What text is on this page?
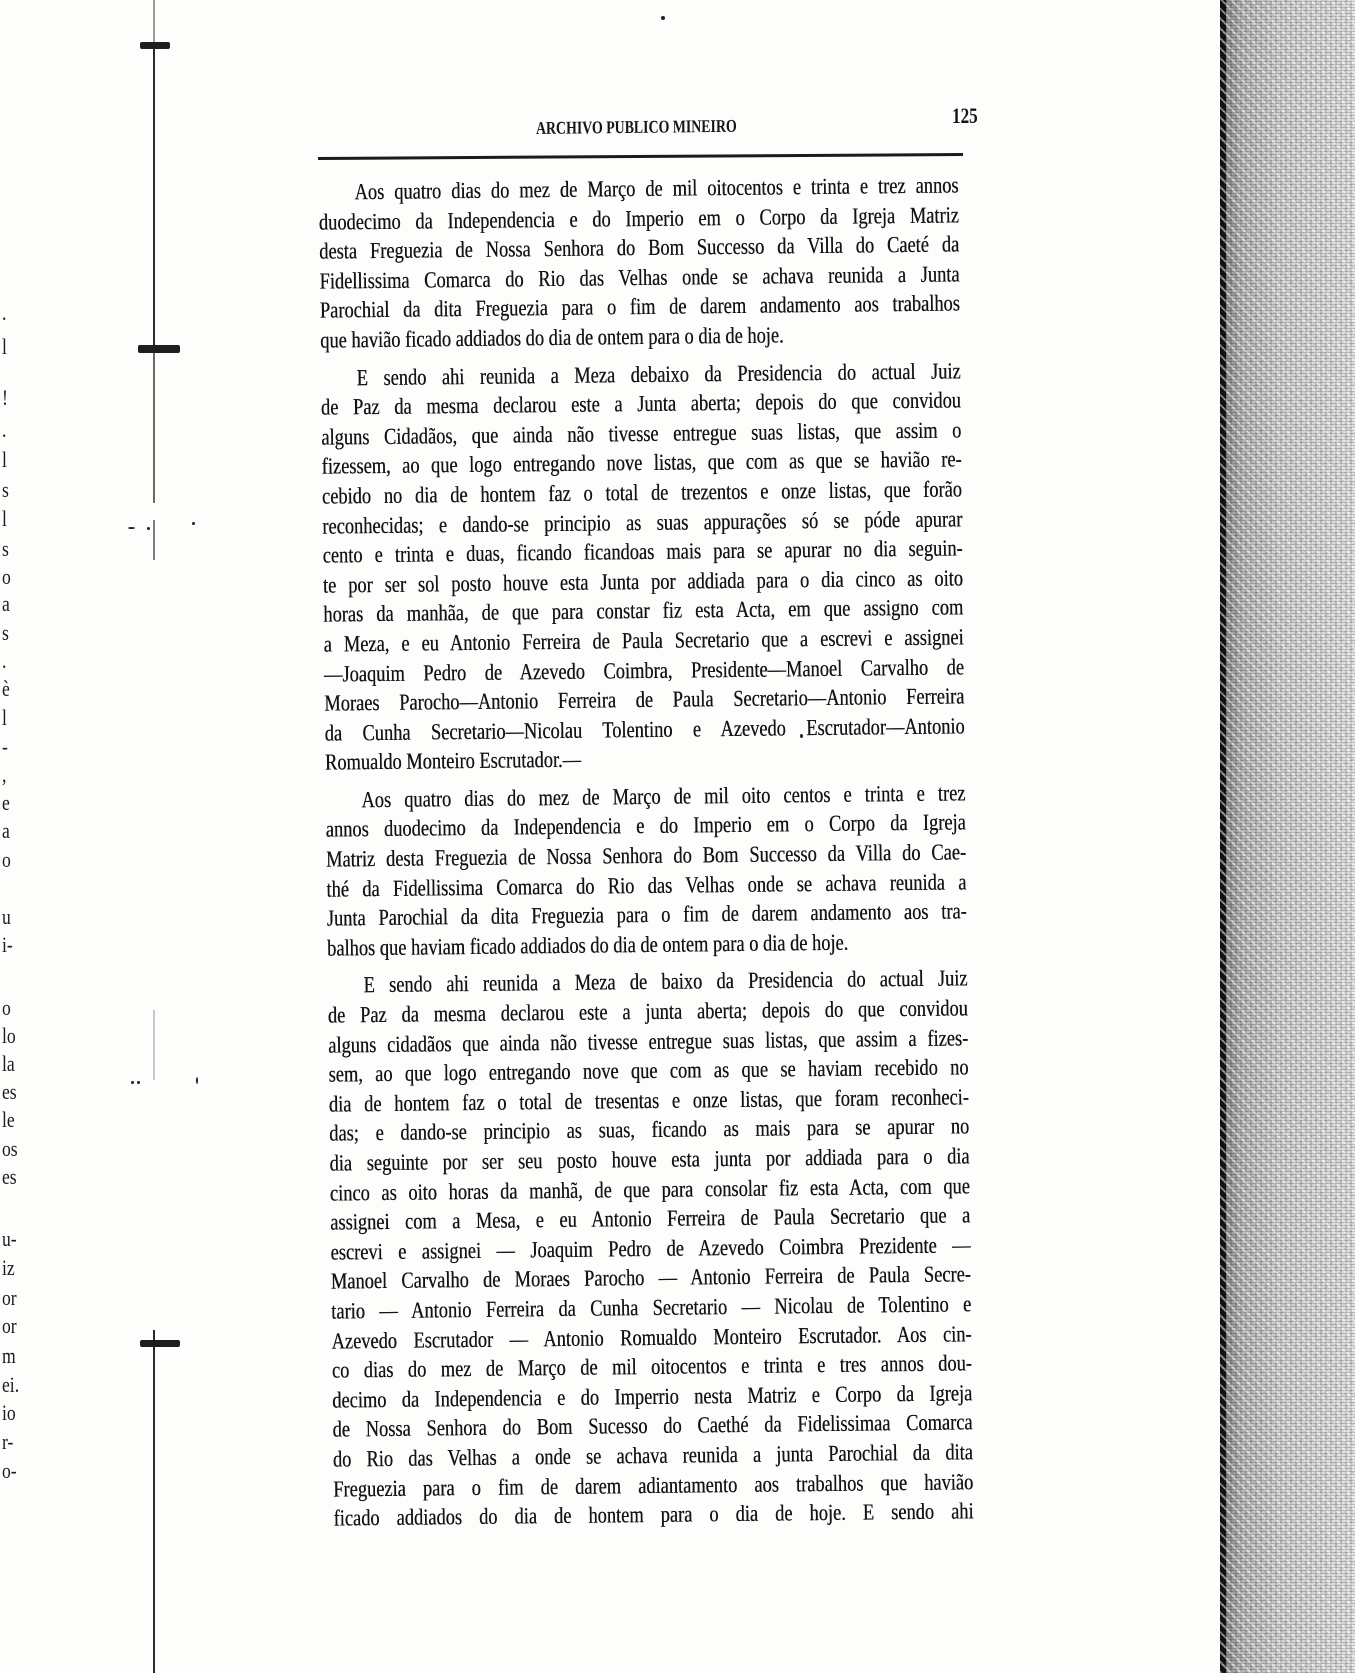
.
l
!
.
l
s
l
s
o
a
s
.
è
l
-
,
e
a
o
u
i-
o
lo
la
es
le
os
es
u-
iz
or
or
m
ei.
io
r-
o-
ARCHIVO PUBLICO MINEIRO	125
Aos quatro dias do mez de Março de mil oitocentos e trinta e trez annos
duodecimo da Independencia e do Imperio em o Corpo da Igreja Matriz
desta Freguezia de Nossa Senhora do Bom Successo da Villa do Caeté da
Fidellissima Comarca do Rio das Velhas onde se achava reunida a Junta
Parochial da dita Freguezia para o fim de darem andamento aos trabalhos
que havião ficado addiados do dia de ontem para o dia de hoje.
E sendo ahi reunida a Meza debaixo da Presidencia do actual Juiz
de Paz da mesma declarou este a Junta aberta; depois do que convidou
alguns Cidadãos, que ainda não tivesse entregue suas listas, que assim o
fizessem, ao que logo entregando nove listas, que com as que se havião re-
cebido no dia de hontem faz o total de trezentos e onze listas, que forão
reconhecidas; e dando-se principio as suas appurações só se póde apurar
cento e trinta e duas, ficando ficandoas mais para se apurar no dia seguin-
te por ser sol posto houve esta Junta por addiada para o dia cinco as oito
horas da manhãa, de que para constar fiz esta Acta, em que assigno com
a Meza, e eu Antonio Ferreira de Paula Secretario que a escrevi e assignei
—Joaquim Pedro de Azevedo Coimbra, Presidente—Manoel Carvalho de
Moraes Parocho—Antonio Ferreira de Paula Secretario—Antonio Ferreira
da Cunha Secretario—Nicolau Tolentino e Azevedo Escrutador—Antonio
Romualdo Monteiro Escrutador.—
Aos quatro dias do mez de Março de mil oito centos e trinta e trez
annos duodecimo da Independencia e do Imperio em o Corpo da Igreja
Matriz desta Freguezia de Nossa Senhora do Bom Successo da Villa do Cae-
thé da Fidellissima Comarca do Rio das Velhas onde se achava reunida a
Junta Parochial da dita Freguezia para o fim de darem andamento aos tra-
balhos que haviam ficado addiados do dia de ontem para o dia de hoje.
E sendo ahi reunida a Meza de baixo da Presidencia do actual Juiz
de Paz da mesma declarou este a junta aberta; depois do que convidou
alguns cidadãos que ainda não tivesse entregue suas listas, que assim a fizes-
sem, ao que logo entregando nove que com as que se haviam recebido no
dia de hontem faz o total de tresentas e onze listas, que foram reconheci-
das; e dando-se principio as suas, ficando as mais para se apurar no
dia seguinte por ser seu posto houve esta junta por addiada para o dia
cinco as oito horas da manhã, de que para consolar fiz esta Acta, com que
assignei com a Mesa, e eu Antonio Ferreira de Paula Secretario que a
escrevi e assignei — Joaquim Pedro de Azevedo Coimbra Prezidente —
Manoel Carvalho de Moraes Parocho — Antonio Ferreira de Paula Secre-
tario — Antonio Ferreira da Cunha Secretario — Nicolau de Tolentino e
Azevedo Escrutador — Antonio Romualdo Monteiro Escrutador. Aos cin-
co dias do mez de Março de mil oitocentos e trinta e tres annos dou-
decimo da Independencia e do Imperrio nesta Matriz e Corpo da Igreja
de Nossa Senhora do Bom Sucesso do Caethé da Fidelissimaa Comarca
do Rio das Velhas a onde se achava reunida a junta Parochial da dita
Freguezia para o fim de darem adiantamento aos trabalhos que havião
ficado addiados do dia de hontem para o dia de hoje. E sendo ahi
